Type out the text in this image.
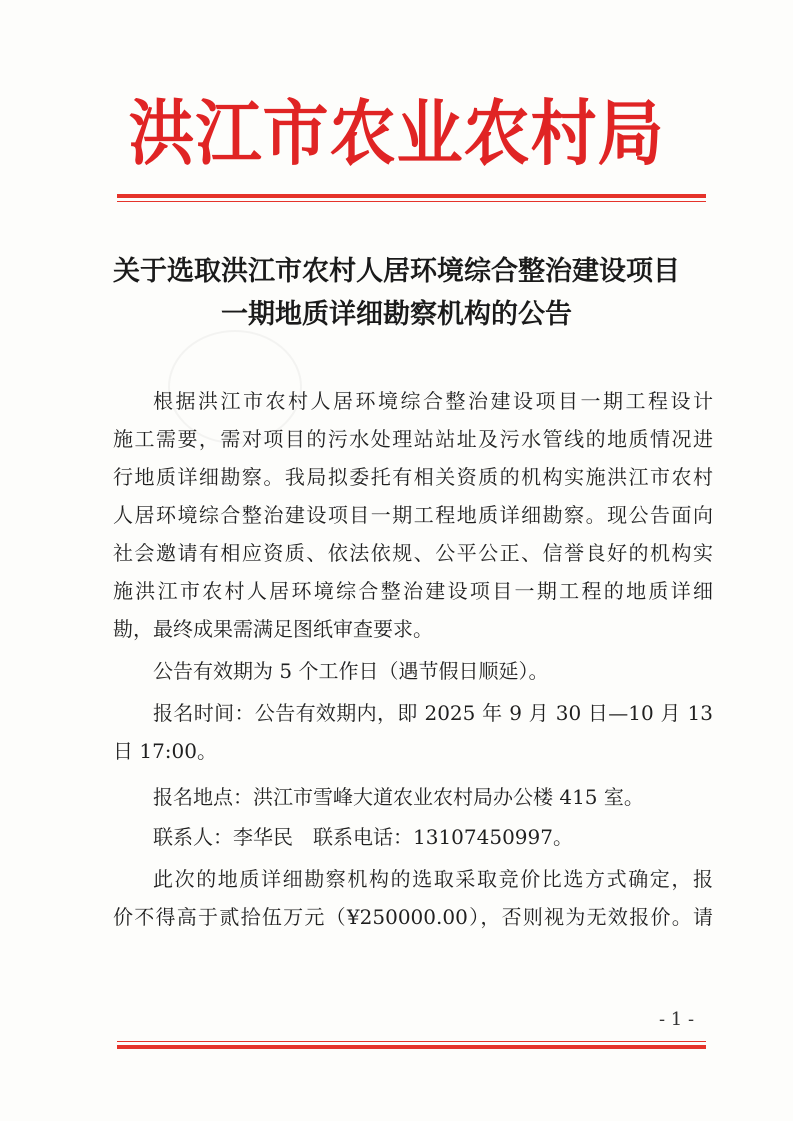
洪江市农业农村局
关于选取洪江市农村人居环境综合整治建设项目
一期地质详细勘察机构的公告

根据洪江市农村人居环境综合整治建设项目一期工程设计
施工需要，需对项目的污水处理站站址及污水管线的地质情况进
行地质详细勘察。我局拟委托有相关资质的机构实施洪江市农村
人居环境综合整治建设项目一期工程地质详细勘察。现公告面向
社会邀请有相应资质、依法依规、公平公正、信誉良好的机构实
施洪江市农村人居环境综合整治建设项目一期工程的地质详细
勘，最终成果需满足图纸审查要求。

公告有效期为 5 个工作日（遇节假日顺延）。

报名时间：公告有效期内，即 2025 年 9 月 30 日—10 月 13
日 17:00。

报名地点：洪江市雪峰大道农业农村局办公楼 415 室。

联系人：李华民　联系电话：13107450997。

此次的地质详细勘察机构的选取采取竞价比选方式确定，报
价不得高于贰拾伍万元（¥250000.00），否则视为无效报价。请

- 1 -
